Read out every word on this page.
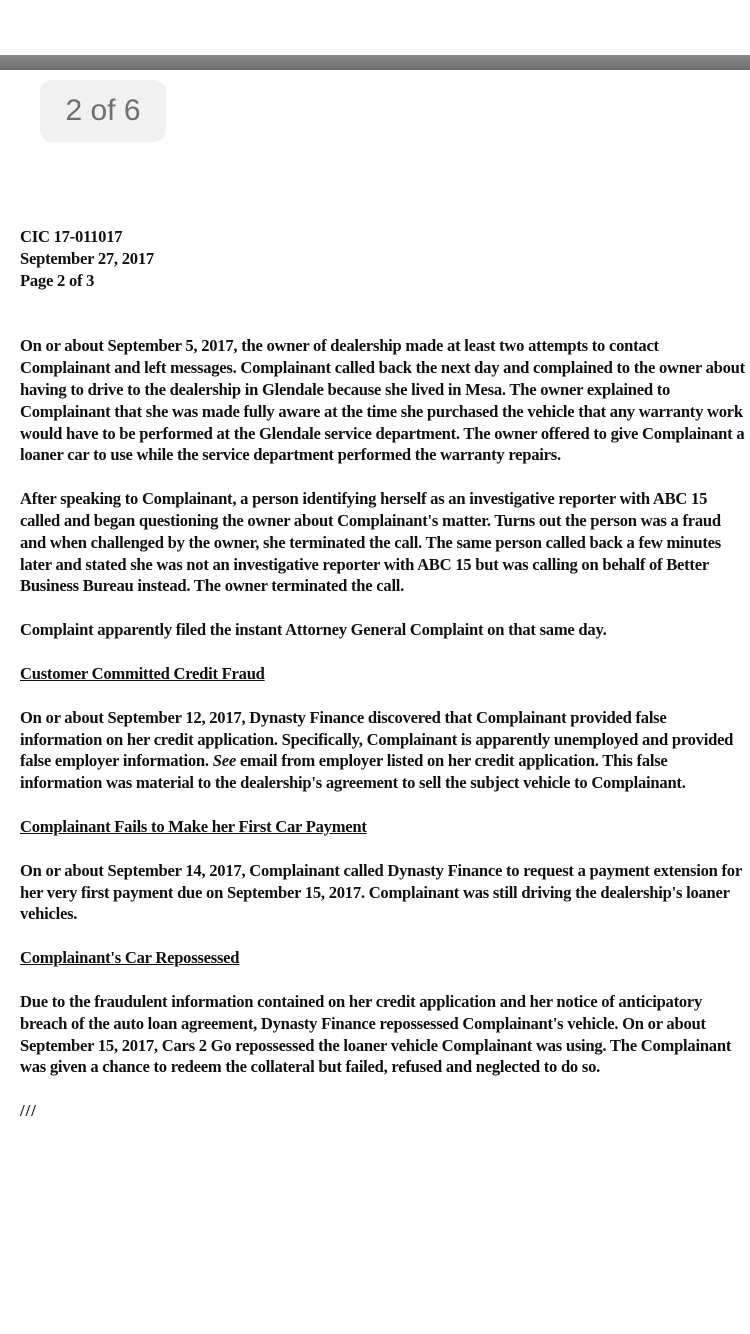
2 of 6
CIC 17-011017
September 27, 2017
Page 2 of 3

On or about September 5, 2017, the owner of dealership made at least two attempts to contact Complainant and left messages. Complainant called back the next day and complained to the owner about having to drive to the dealership in Glendale because she lived in Mesa. The owner explained to Complainant that she was made fully aware at the time she purchased the vehicle that any warranty work would have to be performed at the Glendale service department. The owner offered to give Complainant a loaner car to use while the service department performed the warranty repairs.

After speaking to Complainant, a person identifying herself as an investigative reporter with ABC 15 called and began questioning the owner about Complainant's matter. Turns out the person was a fraud and when challenged by the owner, she terminated the call. The same person called back a few minutes later and stated she was not an investigative reporter with ABC 15 but was calling on behalf of Better Business Bureau instead. The owner terminated the call.

Complaint apparently filed the instant Attorney General Complaint on that same day.

Customer Committed Credit Fraud

On or about September 12, 2017, Dynasty Finance discovered that Complainant provided false information on her credit application. Specifically, Complainant is apparently unemployed and provided false employer information. See email from employer listed on her credit application. This false information was material to the dealership's agreement to sell the subject vehicle to Complainant.

Complainant Fails to Make her First Car Payment

On or about September 14, 2017, Complainant called Dynasty Finance to request a payment extension for her very first payment due on September 15, 2017. Complainant was still driving the dealership's loaner vehicles.

Complainant's Car Repossessed

Due to the fraudulent information contained on her credit application and her notice of anticipatory breach of the auto loan agreement, Dynasty Finance repossessed Complainant's vehicle. On or about September 15, 2017, Cars 2 Go repossessed the loaner vehicle Complainant was using. The Complainant was given a chance to redeem the collateral but failed, refused and neglected to do so.

///
